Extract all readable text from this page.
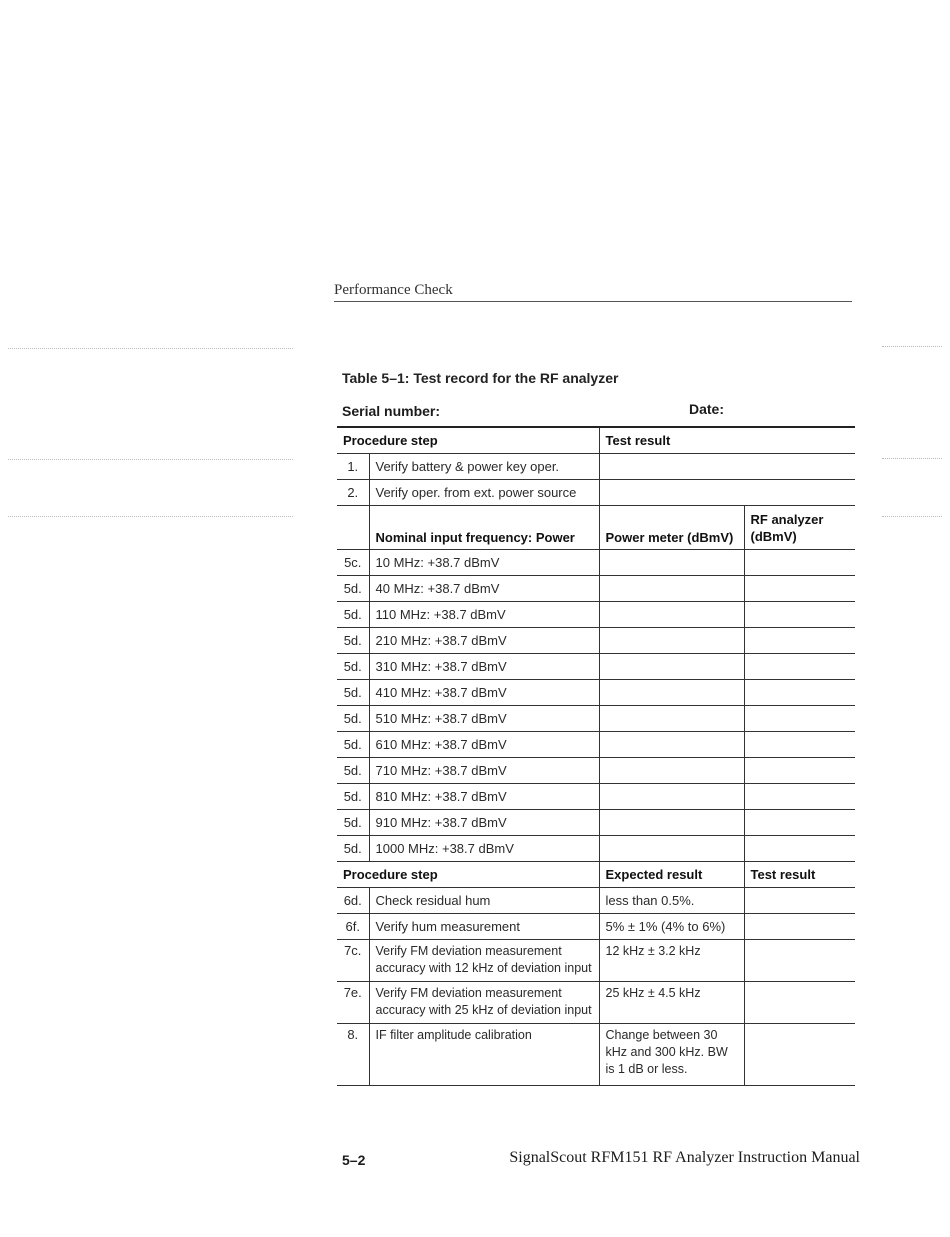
Performance Check
Table 5–1: Test record for the RF analyzer
Serial number:	Date:
Procedure step		Test result	
1.	Verify battery & power key oper.		
2.	Verify oper. from ext. power source		
	Nominal input frequency: Power	Power meter (dBmV)	RF analyzer (dBmV)
5c.	10 MHz: +38.7 dBmV		
5d.	40 MHz: +38.7 dBmV		
5d.	110 MHz: +38.7 dBmV		
5d.	210 MHz: +38.7 dBmV		
5d.	310 MHz: +38.7 dBmV		
5d.	410 MHz: +38.7 dBmV		
5d.	510 MHz: +38.7 dBmV		
5d.	610 MHz: +38.7 dBmV		
5d.	710 MHz: +38.7 dBmV		
5d.	810 MHz: +38.7 dBmV		
5d.	910 MHz: +38.7 dBmV		
5d.	1000 MHz: +38.7 dBmV		
Procedure step		Expected result	Test result
6d.	Check residual hum	less than 0.5%.	
6f.	Verify hum measurement	5% ± 1% (4% to 6%)	
7c.	Verify FM deviation measurement accuracy with 12 kHz of deviation input	12 kHz ± 3.2 kHz	
7e.	Verify FM deviation measurement accuracy with 25 kHz of deviation input	25 kHz ± 4.5 kHz	
8.	IF filter amplitude calibration	Change between 30 kHz and 300 kHz. BW is 1 dB or less.	
5–2	SignalScout RFM151 RF Analyzer Instruction Manual
